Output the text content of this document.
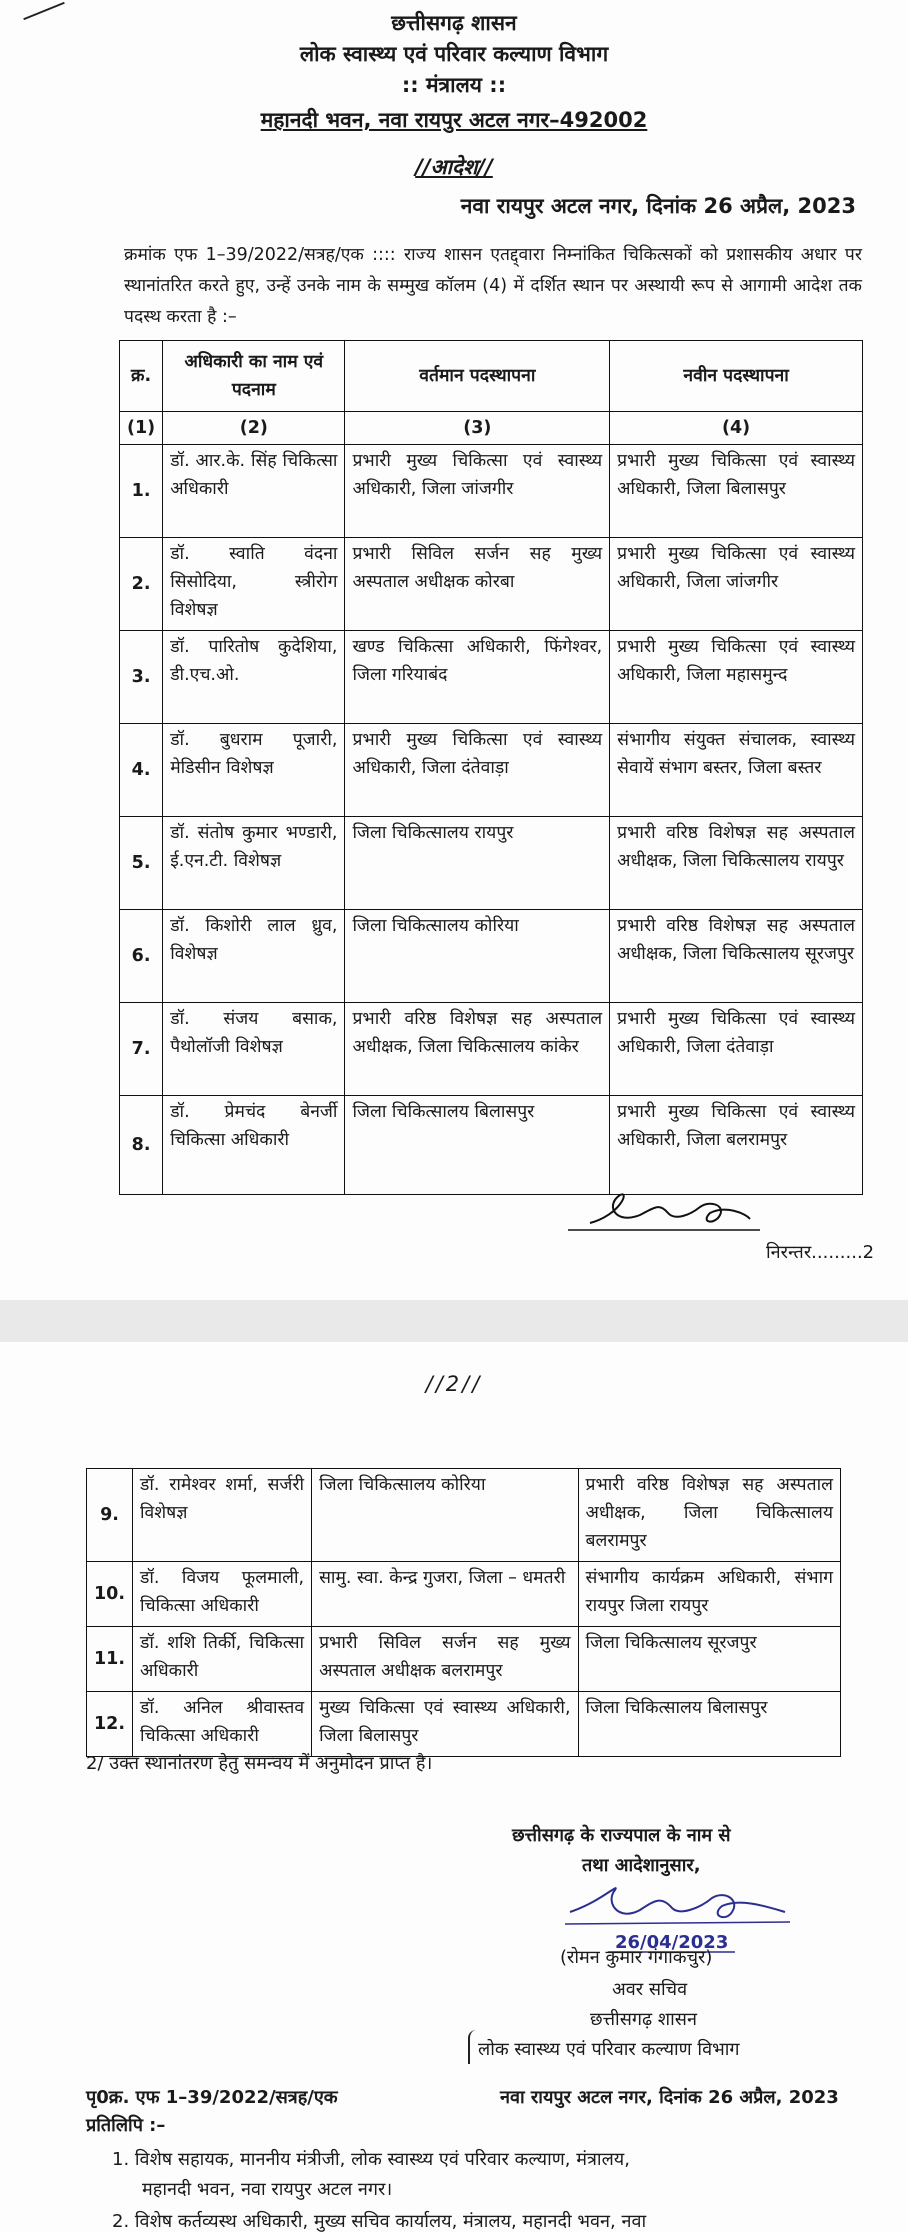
छत्तीसगढ़ शासन
लोक स्वास्थ्य एवं परिवार कल्याण विभाग
:: मंत्रालय ::
महानदी भवन, नवा रायपुर अटल नगर–492002
//आदेश//
नवा रायपुर अटल नगर, दिनांक 26 अप्रैल, 2023
क्रमांक एफ 1–39/2022/सत्रह/एक :::: राज्य शासन एतद्द्वारा निम्नांकित चिकित्सकों को प्रशासकीय अधार पर स्थानांतरित करते हुए, उन्हें उनके नाम के सम्मुख कॉलम (4) में दर्शित स्थान पर अस्थायी रूप से आगामी आदेश तक पदस्थ करता है :–
क्र.	अधिकारी का नाम एवं पदनाम	वर्तमान पदस्थापना	नवीन पदस्थापना
(1)	(2)	(3)	(4)
1.	डॉ. आर.के. सिंह चिकित्सा अधिकारी	प्रभारी मुख्य चिकित्सा एवं स्वास्थ्य अधिकारी, जिला जांजगीर	प्रभारी मुख्य चिकित्सा एवं स्वास्थ्य अधिकारी, जिला बिलासपुर
2.	डॉ. स्वाति वंदना सिसोदिया, स्त्रीरोग विशेषज्ञ	प्रभारी सिविल सर्जन सह मुख्य अस्पताल अधीक्षक कोरबा	प्रभारी मुख्य चिकित्सा एवं स्वास्थ्य अधिकारी, जिला जांजगीर
3.	डॉ. पारितोष कुदेशिया, डी.एच.ओ.	खण्ड चिकित्सा अधिकारी, फिंगेश्वर, जिला गरियाबंद	प्रभारी मुख्य चिकित्सा एवं स्वास्थ्य अधिकारी, जिला महासमुन्द
4.	डॉ. बुधराम पूजारी, मेडिसीन विशेषज्ञ	प्रभारी मुख्य चिकित्सा एवं स्वास्थ्य अधिकारी, जिला दंतेवाड़ा	संभागीय संयुक्त संचालक, स्वास्थ्य सेवायें संभाग बस्तर, जिला बस्तर
5.	डॉ. संतोष कुमार भण्डारी, ई.एन.टी. विशेषज्ञ	जिला चिकित्सालय रायपुर	प्रभारी वरिष्ठ विशेषज्ञ सह अस्पताल अधीक्षक, जिला चिकित्सालय रायपुर
6.	डॉ. किशोरी लाल ध्रुव, विशेषज्ञ	जिला चिकित्सालय कोरिया	प्रभारी वरिष्ठ विशेषज्ञ सह अस्पताल अधीक्षक, जिला चिकित्सालय सूरजपुर
7.	डॉ. संजय बसाक, पैथोलॉजी विशेषज्ञ	प्रभारी वरिष्ठ विशेषज्ञ सह अस्पताल अधीक्षक, जिला चिकित्सालय कांकेर	प्रभारी मुख्य चिकित्सा एवं स्वास्थ्य अधिकारी, जिला दंतेवाड़ा
8.	डॉ. प्रेमचंद बेनर्जी चिकित्सा अधिकारी	जिला चिकित्सालय बिलासपुर	प्रभारी मुख्य चिकित्सा एवं स्वास्थ्य अधिकारी, जिला बलरामपुर
निरन्तर.........2
//2//
9.	डॉ. रामेश्वर शर्मा, सर्जरी विशेषज्ञ	जिला चिकित्सालय कोरिया	प्रभारी वरिष्ठ विशेषज्ञ सह अस्पताल अधीक्षक, जिला चिकित्सालय बलरामपुर
10.	डॉ. विजय फूलमाली, चिकित्सा अधिकारी	सामु. स्वा. केन्द्र गुजरा, जिला – धमतरी	संभागीय कार्यक्रम अधिकारी, संभाग रायपुर जिला रायपुर
11.	डॉ. शशि तिर्की, चिकित्सा अधिकारी	प्रभारी सिविल सर्जन सह मुख्य अस्पताल अधीक्षक बलरामपुर	जिला चिकित्सालय सूरजपुर
12.	डॉ. अनिल श्रीवास्तव चिकित्सा अधिकारी	मुख्य चिकित्सा एवं स्वास्थ्य अधिकारी, जिला बिलासपुर	जिला चिकित्सालय बिलासपुर
2/ उक्त स्थानांतरण हेतु समन्वय में अनुमोदन प्राप्त है।
छत्तीसगढ़ के राज्यपाल के नाम से
तथा आदेशानुसार,
26/04/2023
(रोमन कुमार गंगाकचुर)
अवर सचिव
छत्तीसगढ़ शासन
लोक स्वास्थ्य एवं परिवार कल्याण विभाग
पृ0क्र. एफ 1–39/2022/सत्रह/एक	नवा रायपुर अटल नगर, दिनांक 26 अप्रैल, 2023
प्रतिलिपि :–
1. विशेष सहायक, माननीय मंत्रीजी, लोक स्वास्थ्य एवं परिवार कल्याण, मंत्रालय,
महानदी भवन, नवा रायपुर अटल नगर।
2. विशेष कर्तव्यस्थ अधिकारी, मुख्य सचिव कार्यालय, मंत्रालय, महानदी भवन, नवा
